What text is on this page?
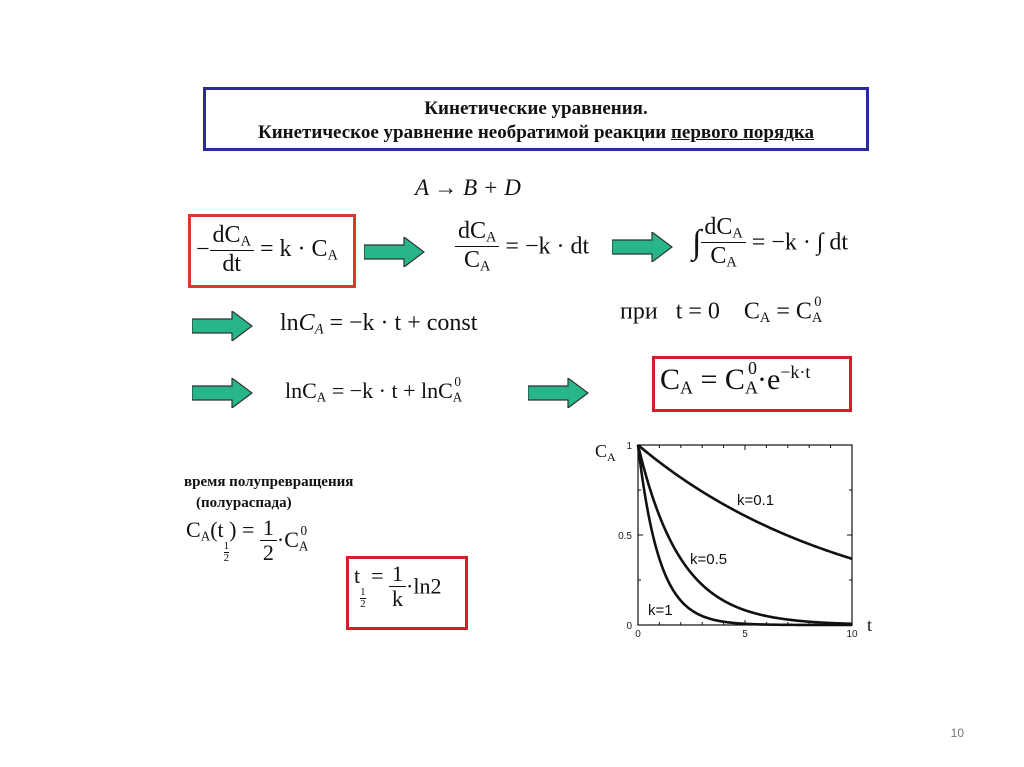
Кинетические уравнения.
Кинетическое уравнение необратимой реакции первого порядка
A → B + D
− $\frac{dC_A}{dt} = k \cdot C_A$	$\frac{dC_A}{C_A} = -k$ · dt	∫ $\frac{dC_A}{C_A} = -k$ · ∫ dt
lnC$_A$ = −k · t + const	при t = 0 $C_A = C_A^0$
lnC$_A$ = −k · t + lnC$_A^0$	$C_A = C_A^0\cdot e^{-k\cdot t}$
время полупревращения
(полураспада)
$C_A(t$
$\frac{1}{2}$
) = $\frac{1}{2} \cdot C_A^0$
t
$\frac{1}{2}$
= $\frac{1}{k} \cdot\ln 2$
$C_A$
t
0	5	10
0
0.5
1
k=0.1
k=0.5
k=1
10
